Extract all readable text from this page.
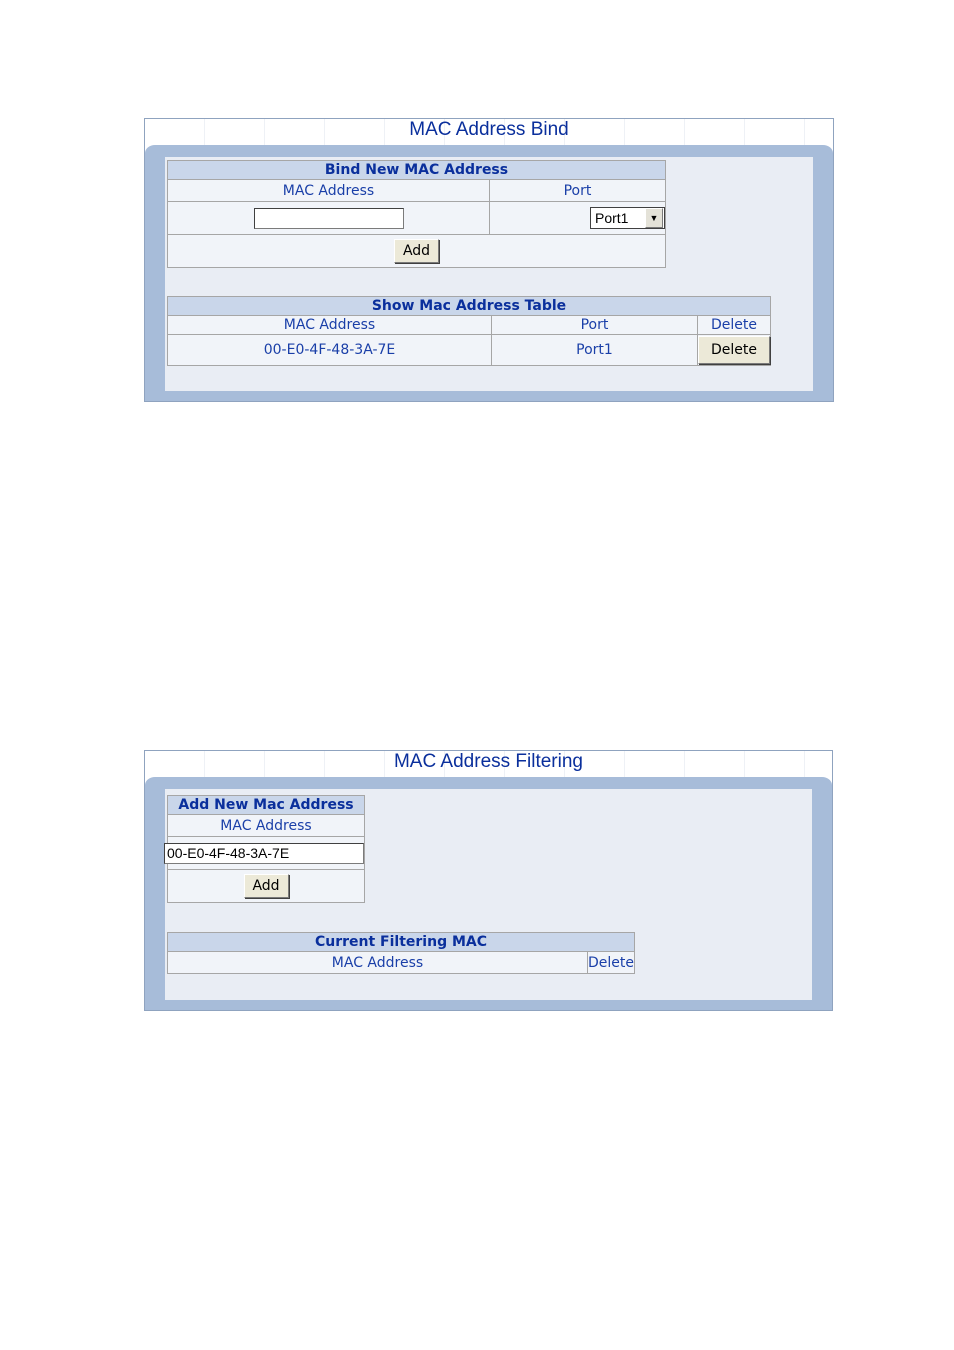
MAC Address Bind
Bind New MAC Address	
MAC Address	Port

	Port1 ▼

Add	
Show Mac Address Table		
MAC Address	Port	Delete
00-E0-4F-48-3A-7E	Port1	Delete
MAC Address Filtering
Add New Mac Address
MAC Address
00-E0-4F-48-3A-7E
Add
Current Filtering MAC
MAC Address	Delete
